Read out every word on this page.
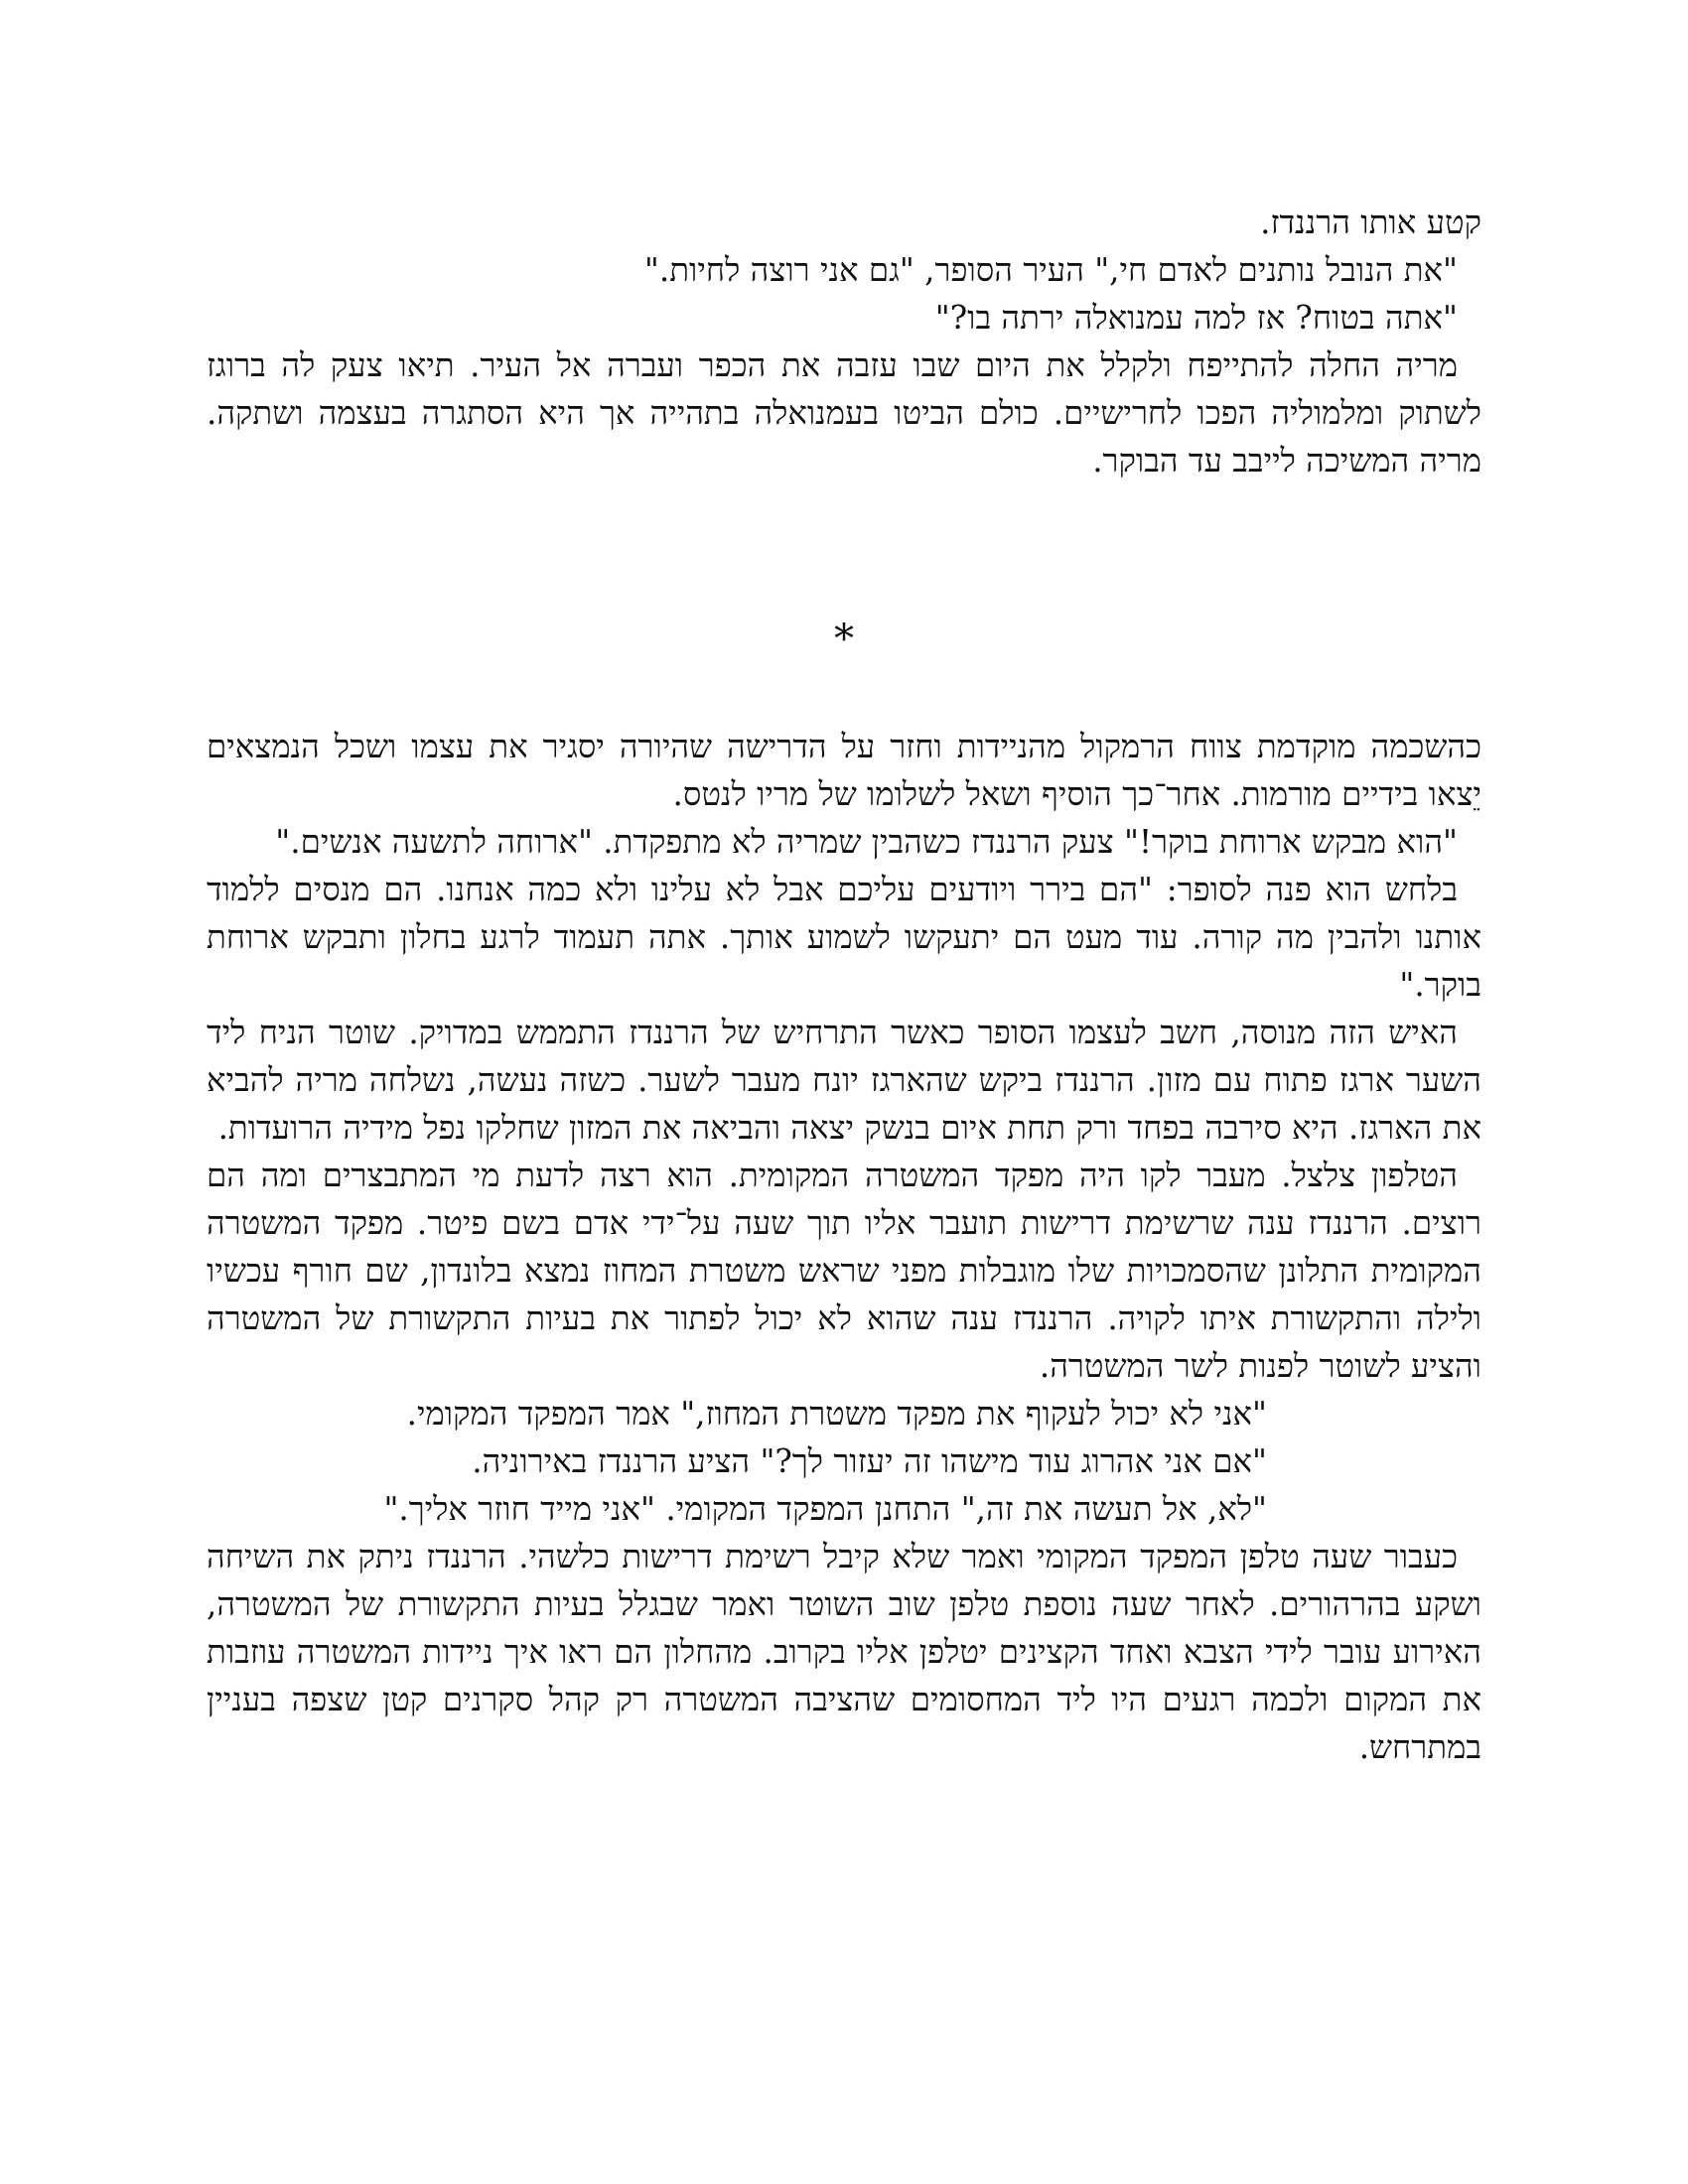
קטע אותו הרננדז.

"את הנובל נותנים לאדם חי," העיר הסופר, "גם אני רוצה לחיות."

"אתה בטוח? אז למה עמנואלה ירתה בו?"

מריה החלה להתייפח ולקלל את היום שבו עזבה את הכפר ועברה אל העיר. תיאו צעק לה ברוגז לשתוק ומלמוליה הפכו לחרישיים. כולם הביטו בעמנואלה בתהייה אך היא הסתגרה בעצמה ושתקה. מריה המשיכה לייבב עד הבוקר.

*

כהשכמה מוקדמת צווח הרמקול מהניידות וחזר על הדרישה שהיורה יסגיר את עצמו ושכל הנמצאים יֵצאו בידיים מורמות. אחר־כך הוסיף ושאל לשלומו של מריו לנטס.

"הוא מבקש ארוחת בוקר!" צעק הרננדז כשהבין שמריה לא מתפקדת. "ארוחה לתשעה אנשים."

בלחש הוא פנה לסופר: "הם בירר ויודעים עליכם אבל לא עלינו ולא כמה אנחנו. הם מנסים ללמוד אותנו ולהבין מה קורה. עוד מעט הם יתעקשו לשמוע אותך. אתה תעמוד לרגע בחלון ותבקש ארוחת בוקר."

האיש הזה מנוסה, חשב לעצמו הסופר כאשר התרחיש של הרננדז התממש במדויק. שוטר הניח ליד השער ארגז פתוח עם מזון. הרננדז ביקש שהארגז יונח מעבר לשער. כשזה נעשה, נשלחה מריה להביא את הארגז. היא סירבה בפחד ורק תחת איום בנשק יצאה והביאה את המזון שחלקו נפל מידיה הרועדות.

הטלפון צלצל. מעבר לקו היה מפקד המשטרה המקומית. הוא רצה לדעת מי המתבצרים ומה הם רוצים. הרננדז ענה שרשימת דרישות תועבר אליו תוך שעה על־ידי אדם בשם פיטר. מפקד המשטרה המקומית התלונן שהסמכויות שלו מוגבלות מפני שראש משטרת המחוז נמצא בלונדון, שם חורף עכשיו ולילה והתקשורת איתו לקויה. הרננדז ענה שהוא לא יכול לפתור את בעיות התקשורת של המשטרה והציע לשוטר לפנות לשר המשטרה.

"אני לא יכול לעקוף את מפקד משטרת המחוז," אמר המפקד המקומי.

"אם אני אהרוג עוד מישהו זה יעזור לך?" הציע הרננדז באירוניה.

"לא, אל תעשה את זה," התחנן המפקד המקומי. "אני מייד חוזר אליך."

כעבור שעה טלפן המפקד המקומי ואמר שלא קיבל רשימת דרישות כלשהי. הרננדז ניתק את השיחה ושקע בהרהורים. לאחר שעה נוספת טלפן שוב השוטר ואמר שבגלל בעיות התקשורת של המשטרה, האירוע עובר לידי הצבא ואחד הקצינים יטלפן אליו בקרוב. מהחלון הם ראו איך ניידות המשטרה עוזבות את המקום ולכמה רגעים היו ליד המחסומים שהציבה המשטרה רק קהל סקרנים קטן שצפה בעניין במתרחש.
